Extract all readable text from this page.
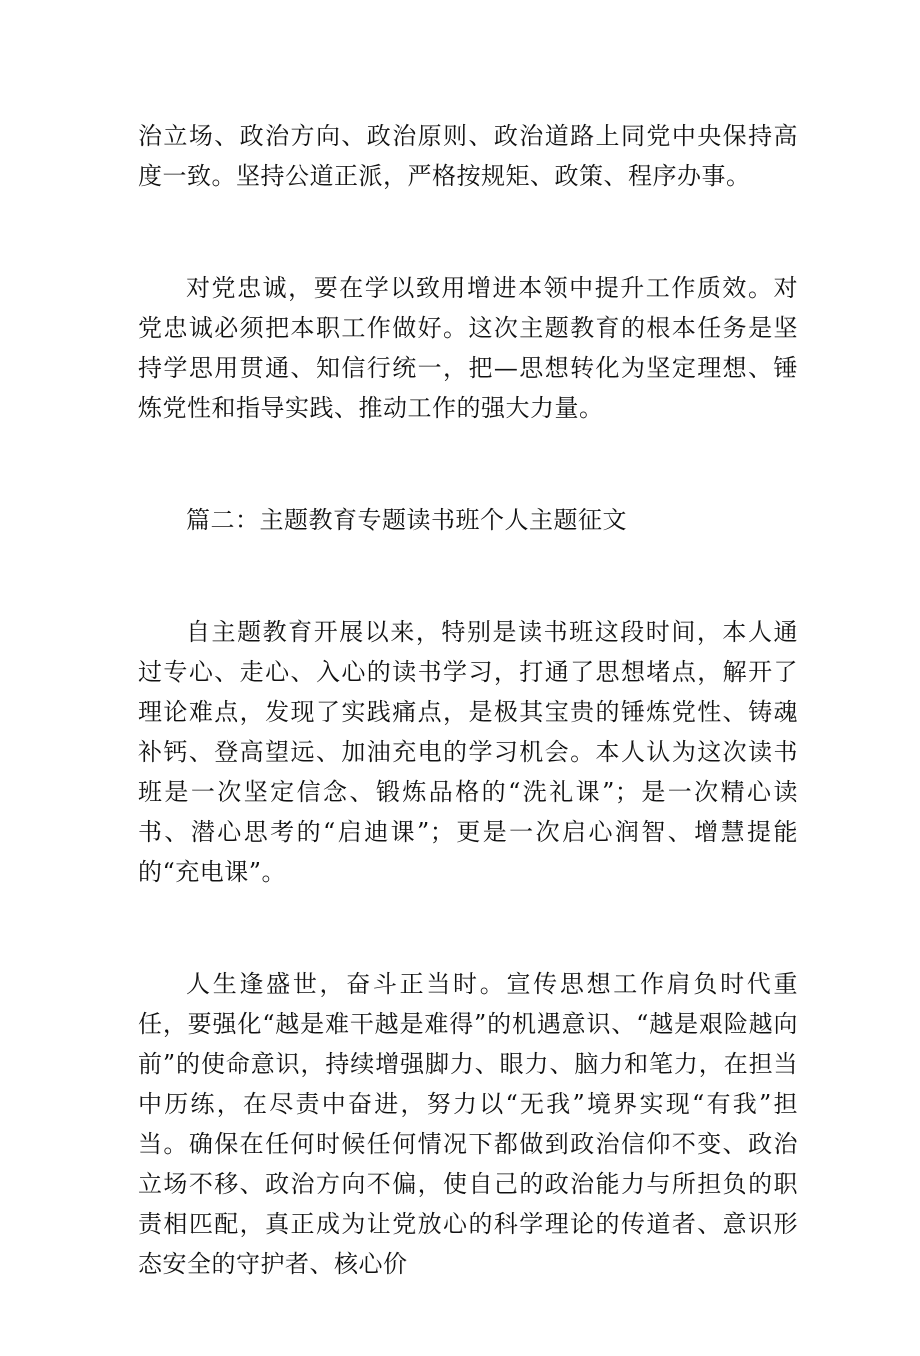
治立场、政治方向、政治原则、政治道路上同党中央保持高度一致。坚持公道正派，严格按规矩、政策、程序办事。

对党忠诚，要在学以致用增进本领中提升工作质效。对党忠诚必须把本职工作做好。这次主题教育的根本任务是坚持学思用贯通、知信行统一，把—思想转化为坚定理想、锤炼党性和指导实践、推动工作的强大力量。

篇二：主题教育专题读书班个人主题征文

自主题教育开展以来，特别是读书班这段时间，本人通过专心、走心、入心的读书学习，打通了思想堵点，解开了理论难点，发现了实践痛点，是极其宝贵的锤炼党性、铸魂补钙、登高望远、加油充电的学习机会。本人认为这次读书班是一次坚定信念、锻炼品格的“洗礼课”；是一次精心读书、潜心思考的“启迪课”；更是一次启心润智、增慧提能的“充电课”。

人生逢盛世，奋斗正当时。宣传思想工作肩负时代重任，要强化“越是难干越是难得”的机遇意识、“越是艰险越向前”的使命意识，持续增强脚力、眼力、脑力和笔力，在担当中历练，在尽责中奋进，努力以“无我”境界实现“有我”担当。确保在任何时候任何情况下都做到政治信仰不变、政治立场不移、政治方向不偏，使自己的政治能力与所担负的职责相匹配，真正成为让党放心的科学理论的传道者、意识形态安全的守护者、核心价
